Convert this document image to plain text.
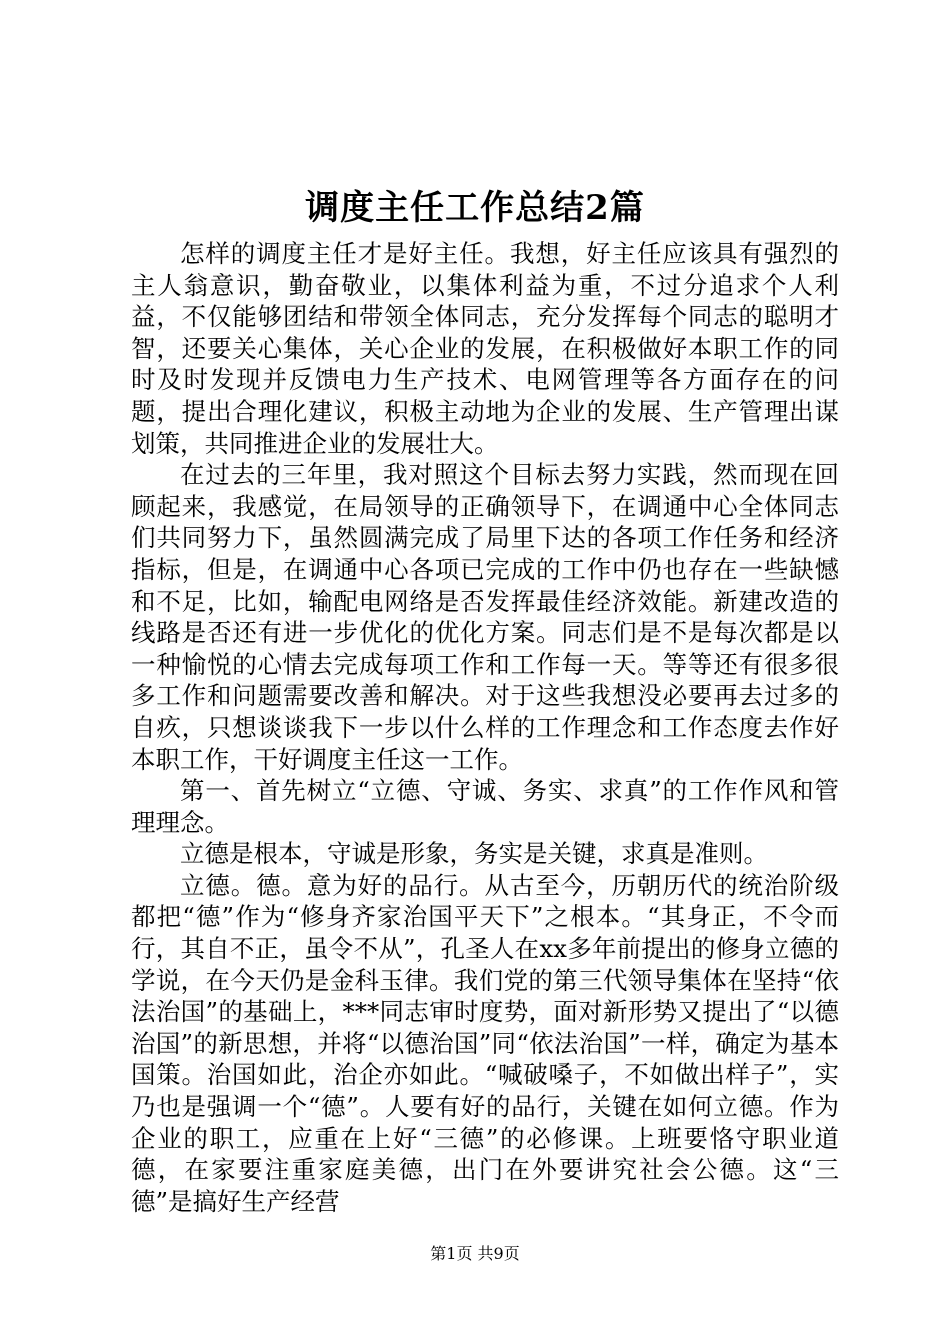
调度主任工作总结2篇

怎样的调度主任才是好主任。我想，好主任应该具有强烈的主人翁意识，勤奋敬业，以集体利益为重，不过分追求个人利益，不仅能够团结和带领全体同志，充分发挥每个同志的聪明才智，还要关心集体，关心企业的发展，在积极做好本职工作的同时及时发现并反馈电力生产技术、电网管理等各方面存在的问题，提出合理化建议，积极主动地为企业的发展、生产管理出谋划策，共同推进企业的发展壮大。

在过去的三年里，我对照这个目标去努力实践，然而现在回顾起来，我感觉，在局领导的正确领导下，在调通中心全体同志们共同努力下，虽然圆满完成了局里下达的各项工作任务和经济指标，但是，在调通中心各项已完成的工作中仍也存在一些缺憾和不足，比如，输配电网络是否发挥最佳经济效能。新建改造的线路是否还有进一步优化的优化方案。同志们是不是每次都是以一种愉悦的心情去完成每项工作和工作每一天。等等还有很多很多工作和问题需要改善和解决。对于这些我想没必要再去过多的自疚，只想谈谈我下一步以什么样的工作理念和工作态度去作好本职工作，干好调度主任这一工作。

第一、首先树立“立德、守诚、务实、求真”的工作作风和管理理念。

立德是根本，守诚是形象，务实是关键，求真是准则。

立德。德。意为好的品行。从古至今，历朝历代的统治阶级都把“德”作为“修身齐家治国平天下”之根本。“其身正，不令而行，其自不正，虽令不从”，孔圣人在xx多年前提出的修身立德的学说，在今天仍是金科玉律。我们党的第三代领导集体在坚持“依法治国”的基础上，***同志审时度势，面对新形势又提出了“以德治国”的新思想，并将“以德治国”同“依法治国”一样，确定为基本国策。治国如此，治企亦如此。“喊破嗓子，不如做出样子”，实乃也是强调一个“德”。人要有好的品行，关键在如何立德。作为企业的职工，应重在上好“三德”的必修课。上班要恪守职业道德，在家要注重家庭美德，出门在外要讲究社会公德。这“三德”是搞好生产经营

第1页 共9页
